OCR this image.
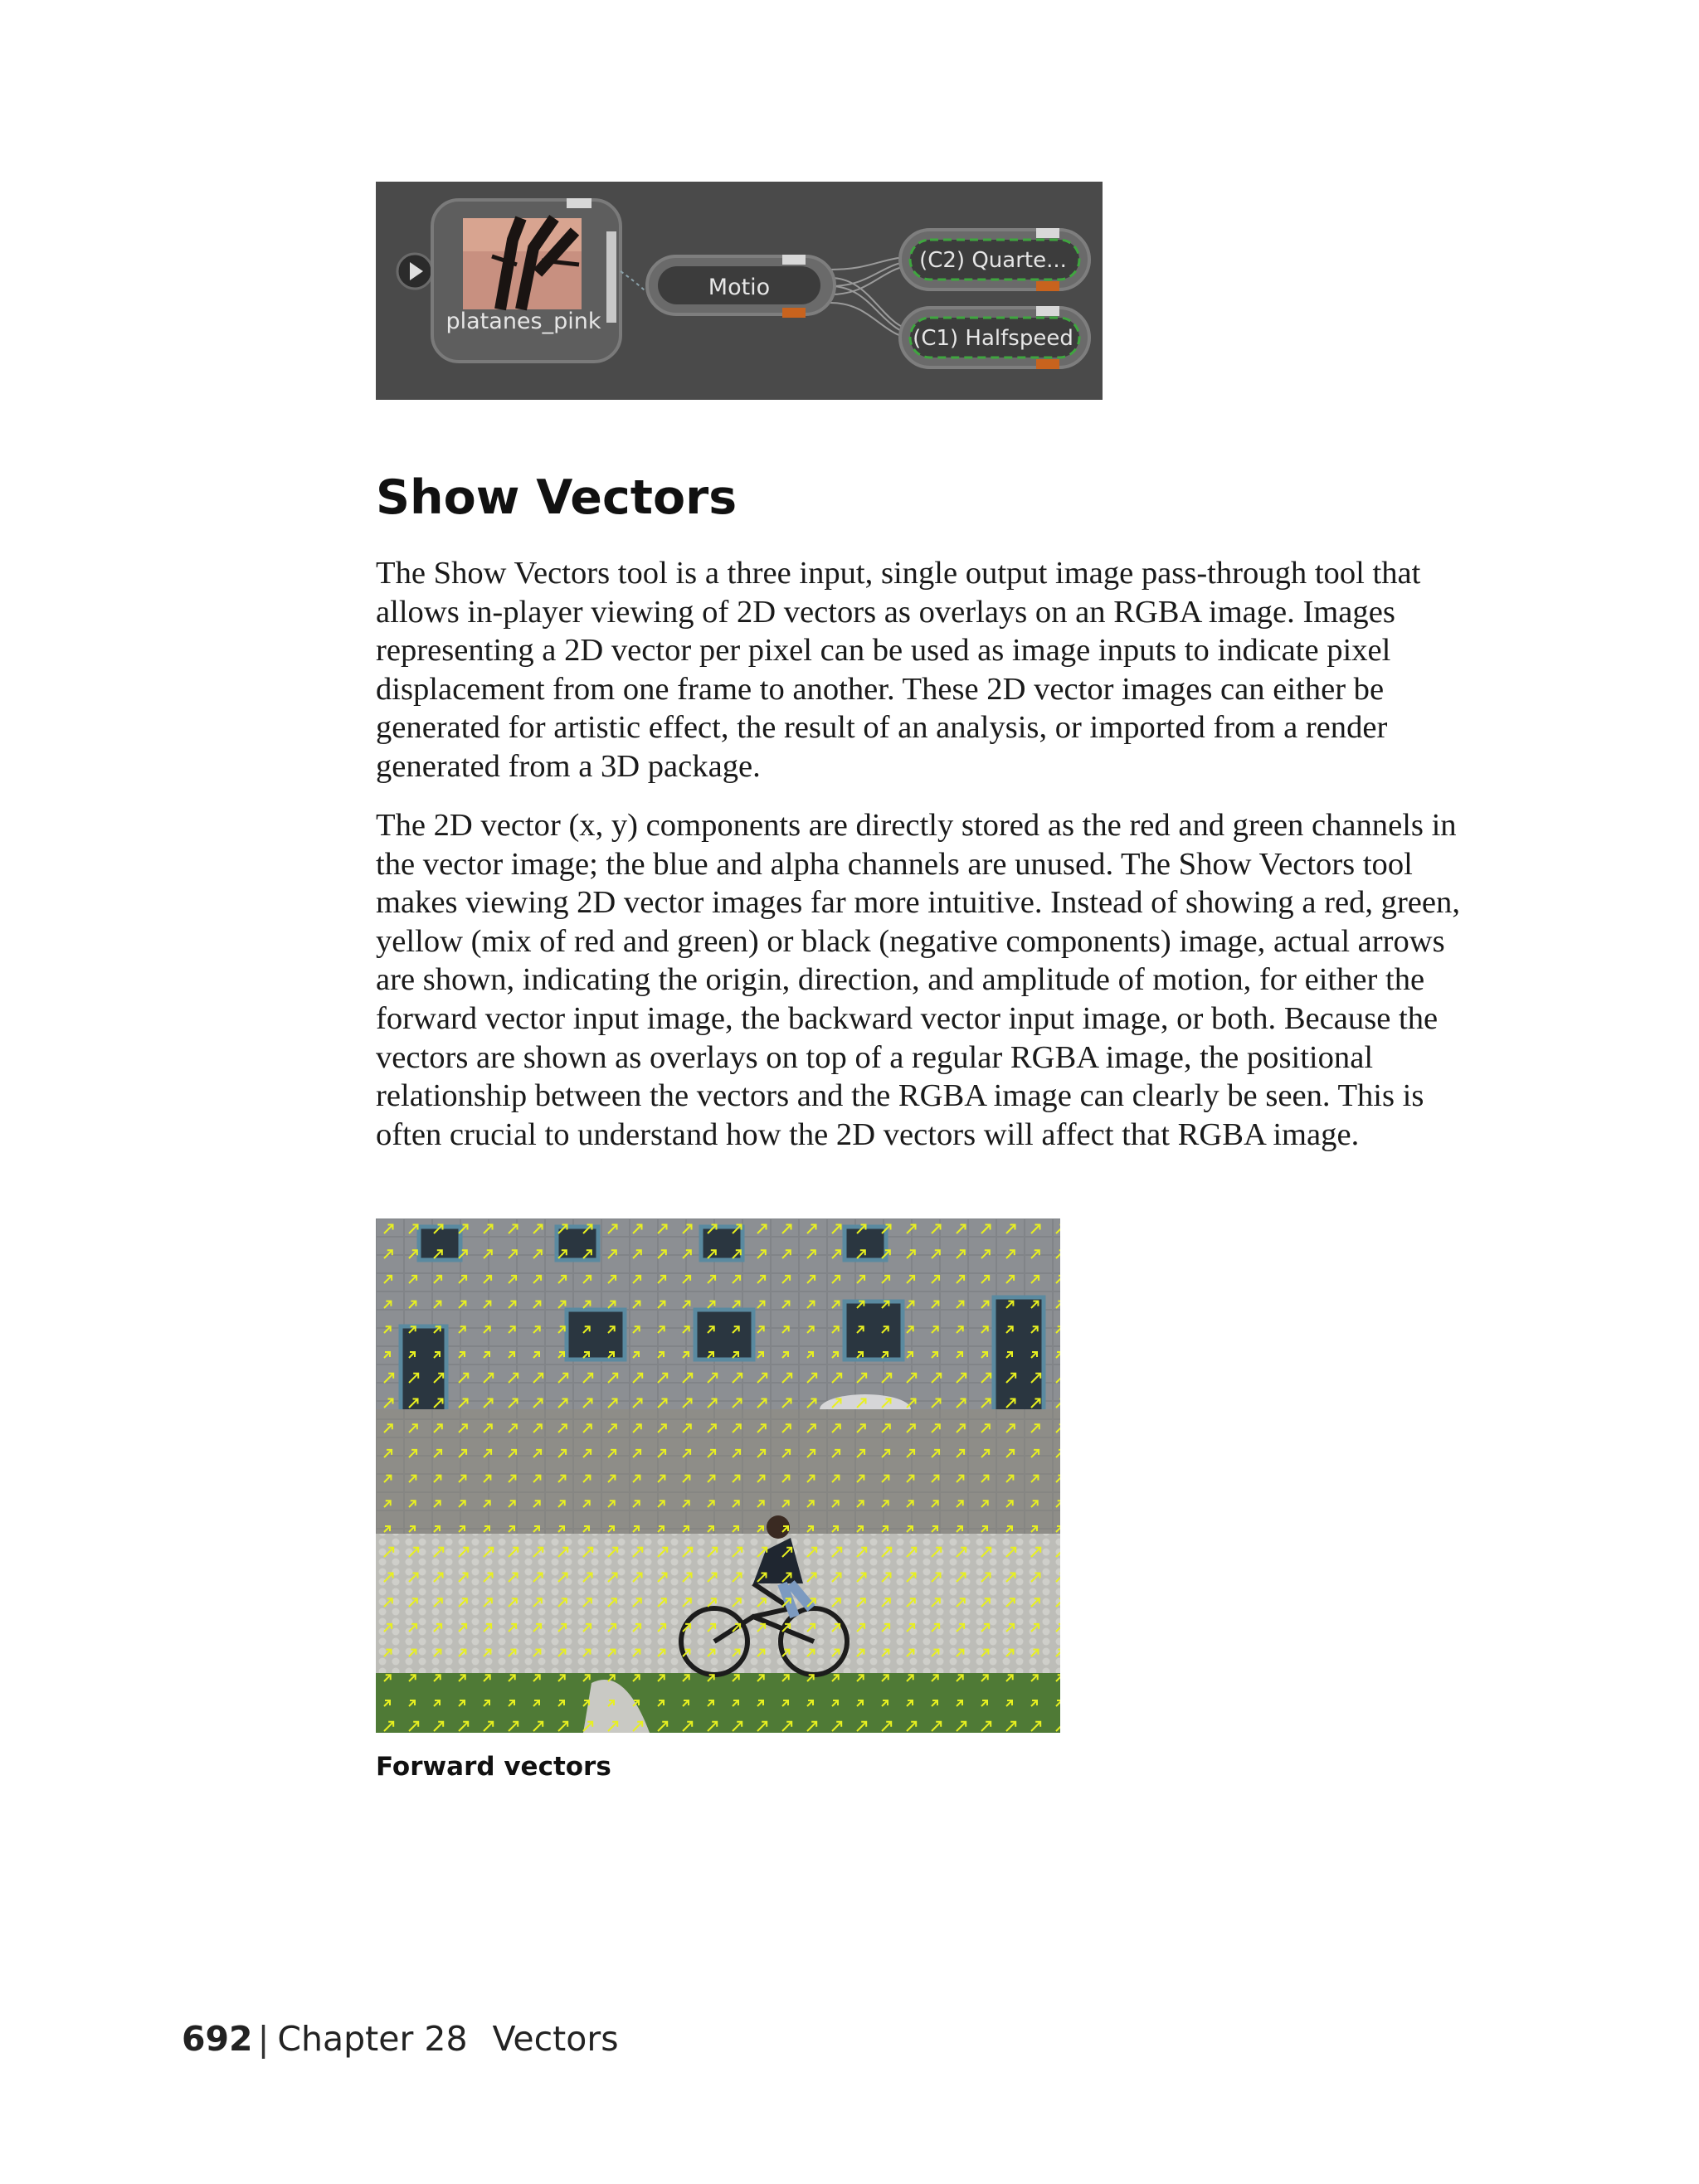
platanes_pink
Motio
(C2) Quarte...
(C1) Halfspeed
Show Vectors

The Show Vectors tool is a three input, single output image pass-through tool that allows in-player viewing of 2D vectors as overlays on an RGBA image. Images representing a 2D vector per pixel can be used as image inputs to indicate pixel displacement from one frame to another. These 2D vector images can either be generated for artistic effect, the result of an analysis, or imported from a render generated from a 3D package.

The 2D vector (x, y) components are directly stored as the red and green channels in the vector image; the blue and alpha channels are unused. The Show Vectors tool makes viewing 2D vector images far more intuitive. Instead of showing a red, green, yellow (mix of red and green) or black (negative components) image, actual arrows are shown, indicating the origin, direction, and amplitude of motion, for either the forward vector input image, the backward vector input image, or both. Because the vectors are shown as overlays on top of a regular RGBA image, the positional relationship between the vectors and the RGBA image can clearly be seen. This is often crucial to understand how the 2D vectors will affect that RGBA image.

Forward vectors

692 | Chapter 28 Vectors
